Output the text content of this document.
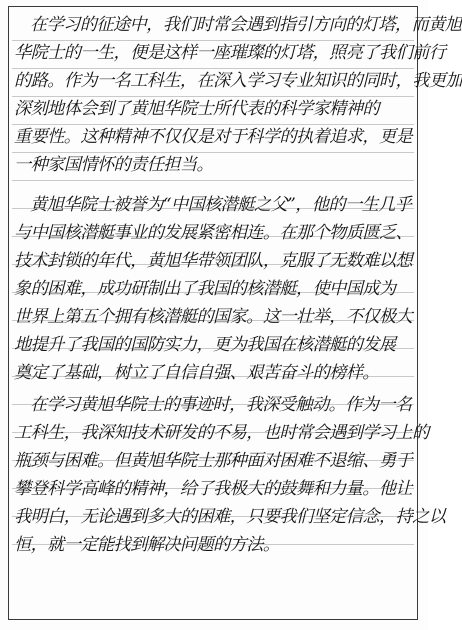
在学习的征途中，我们时常会遇到指引方向的灯塔，而黄旭
华院士的一生，便是这样一座璀璨的灯塔，照亮了我们前行
的路。作为一名工科生，在深入学习专业知识的同时，我更加
深刻地体会到了黄旭华院士所代表的科学家精神的
重要性。这种精神不仅仅是对于科学的执着追求，更是
一种家国情怀的责任担当。
黄旭华院士被誉为“中国核潜艇之父”，他的一生几乎
与中国核潜艇事业的发展紧密相连。在那个物质匮乏、
技术封锁的年代，黄旭华带领团队，克服了无数难以想
象的困难，成功研制出了我国的核潜艇，使中国成为
世界上第五个拥有核潜艇的国家。这一壮举，不仅极大
地提升了我国的国防实力，更为我国在核潜艇的发展
奠定了基础，树立了自信自强、艰苦奋斗的榜样。
在学习黄旭华院士的事迹时，我深受触动。作为一名
工科生，我深知技术研发的不易，也时常会遇到学习上的
瓶颈与困难。但黄旭华院士那种面对困难不退缩、勇于
攀登科学高峰的精神，给了我极大的鼓舞和力量。他让
我明白，无论遇到多大的困难，只要我们坚定信念，持之以
恒，就一定能找到解决问题的方法。
